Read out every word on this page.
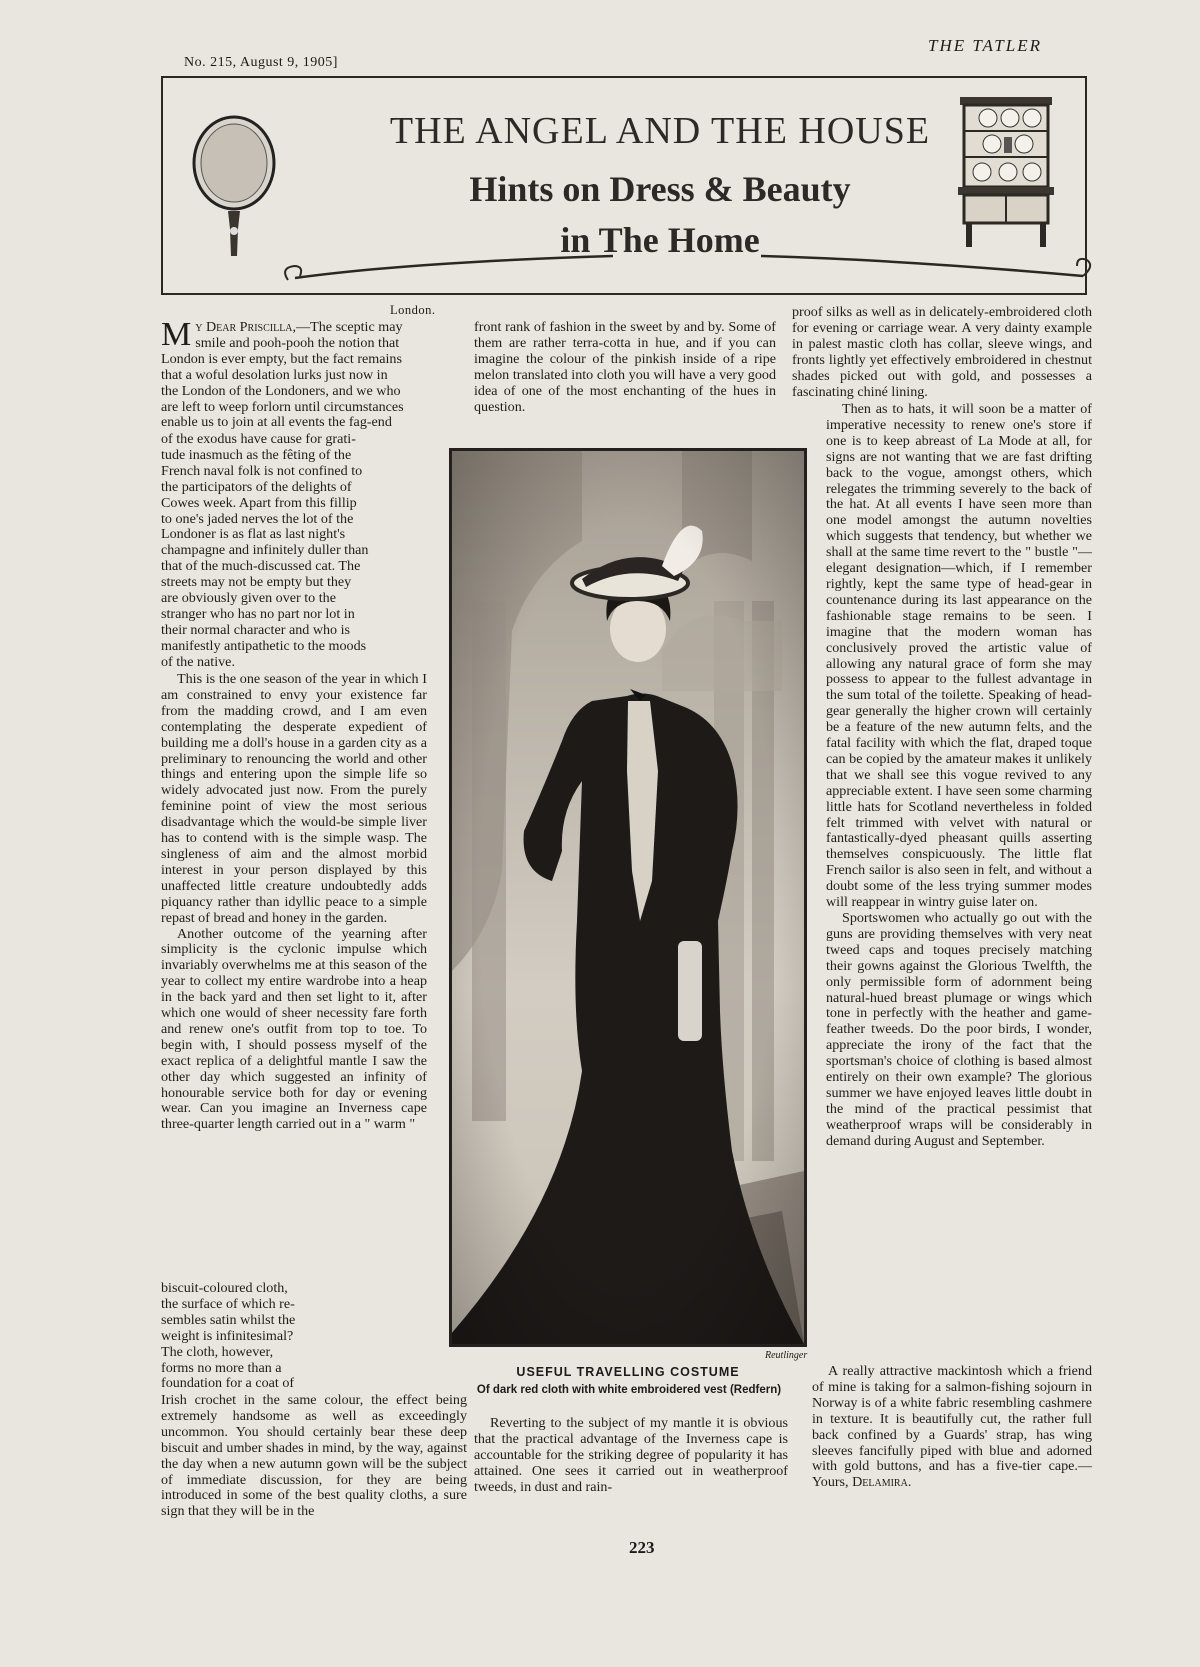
No. 215, August 9, 1905]
THE TATLER
THE ANGEL AND THE HOUSE
Hints on Dress & Beauty
in The Home
London.
M y Dear Priscilla,—The sceptic may
smile and pooh-pooh the notion that
London is ever empty, but the fact remains
that a woful desolation lurks just now in
the London of the Londoners, and we who
are left to weep forlorn until circumstances
enable us to join at all events the fag-end
of the exodus have cause for grati-
tude inasmuch as the fêting of the
French naval folk is not confined to
the participators of the delights of
Cowes week. Apart from this fillip
to one's jaded nerves the lot of the
Londoner is as flat as last night's
champagne and infinitely duller than
that of the much-discussed cat. The
streets may not be empty but they
are obviously given over to the
stranger who has no part nor lot in
their normal character and who is
manifestly antipathetic to the moods
of the native.

This is the one season of the year in which I am constrained to envy your existence far from the madding crowd, and I am even contemplating the desperate expedient of building me a doll's house in a garden city as a preliminary to renouncing the world and other things and entering upon the simple life so widely advocated just now. From the purely feminine point of view the most serious disadvantage which the would-be simple liver has to contend with is the simple wasp. The singleness of aim and the almost morbid interest in your person displayed by this unaffected little creature undoubtedly adds piquancy rather than idyllic peace to a simple repast of bread and honey in the garden.

Another outcome of the yearning after simplicity is the cyclonic impulse which invariably overwhelms me at this season of the year to collect my entire wardrobe into a heap in the back yard and then set light to it, after which one would of sheer necessity fare forth and renew one's outfit from top to toe. To begin with, I should possess myself of the exact replica of a delightful mantle I saw the other day which suggested an infinity of honourable service both for day or evening wear. Can you imagine an Inverness cape three-quarter length carried out in a " warm "

biscuit-coloured cloth,
the surface of which re-
sembles satin whilst the
weight is infinitesimal?
The cloth, however,
forms no more than a
foundation for a coat of

Irish crochet in the same colour, the effect being extremely handsome as well as exceedingly uncommon. You should certainly bear these deep biscuit and umber shades in mind, by the way, against the day when a new autumn gown will be the subject of immediate discussion, for they are being introduced in some of the best quality cloths, a sure sign that they will be in the

front rank of fashion in the sweet by and by. Some of them are rather terra-cotta in hue, and if you can imagine the colour of the pinkish inside of a ripe melon translated into cloth you will have a very good idea of one of the most enchanting of the hues in question.

Reutlinger
USEFUL TRAVELLING COSTUME
Of dark red cloth with white embroidered vest (Redfern)

Reverting to the subject of my mantle it is obvious that the practical advantage of the Inverness cape is accountable for the striking degree of popularity it has attained. One sees it carried out in weatherproof tweeds, in dust and rain-

proof silks as well as in delicately-embroidered cloth for evening or carriage wear. A very dainty example in palest mastic cloth has collar, sleeve wings, and fronts lightly yet effectively embroidered in chestnut shades picked out with gold, and possesses a fascinating chiné lining.

Then as to hats, it will soon be a matter of imperative necessity to renew one's store if one is to keep abreast of La Mode at all, for signs are not wanting that we are fast drifting back to the vogue, amongst others, which relegates the trimming severely to the back of the hat. At all events I have seen more than one model amongst the autumn novelties which suggests that tendency, but whether we shall at the same time revert to the " bustle "—elegant designation—which, if I remember rightly, kept the same type of head-gear in countenance during its last appearance on the fashionable stage remains to be seen. I imagine that the modern woman has conclusively proved the artistic value of allowing any natural grace of form she may possess to appear to the fullest advantage in the sum total of the toilette. Speaking of head-gear generally the higher crown will certainly be a feature of the new autumn felts, and the fatal facility with which the flat, draped toque can be copied by the amateur makes it unlikely that we shall see this vogue revived to any appreciable extent. I have seen some charming little hats for Scotland nevertheless in folded felt trimmed with velvet with natural or fantastically-dyed pheasant quills asserting themselves conspicuously. The little flat French sailor is also seen in felt, and without a doubt some of the less trying summer modes will reappear in wintry guise later on.

Sportswomen who actually go out with the guns are providing themselves with very neat tweed caps and toques precisely matching their gowns against the Glorious Twelfth, the only permissible form of adornment being natural-hued breast plumage or wings which tone in perfectly with the heather and game-feather tweeds. Do the poor birds, I wonder, appreciate the irony of the fact that the sportsman's choice of clothing is based almost entirely on their own example? The glorious summer we have enjoyed leaves little doubt in the mind of the practical pessimist that weatherproof wraps will be considerably in demand during August and September.

A really attractive mackintosh which a friend of mine is taking for a salmon-fishing sojourn in Norway is of a white fabric resembling cashmere in texture. It is beautifully cut, the rather full back confined by a Guards' strap, has wing sleeves fancifully piped with blue and adorned with gold buttons, and has a five-tier cape.—Yours, Delamira.

223
